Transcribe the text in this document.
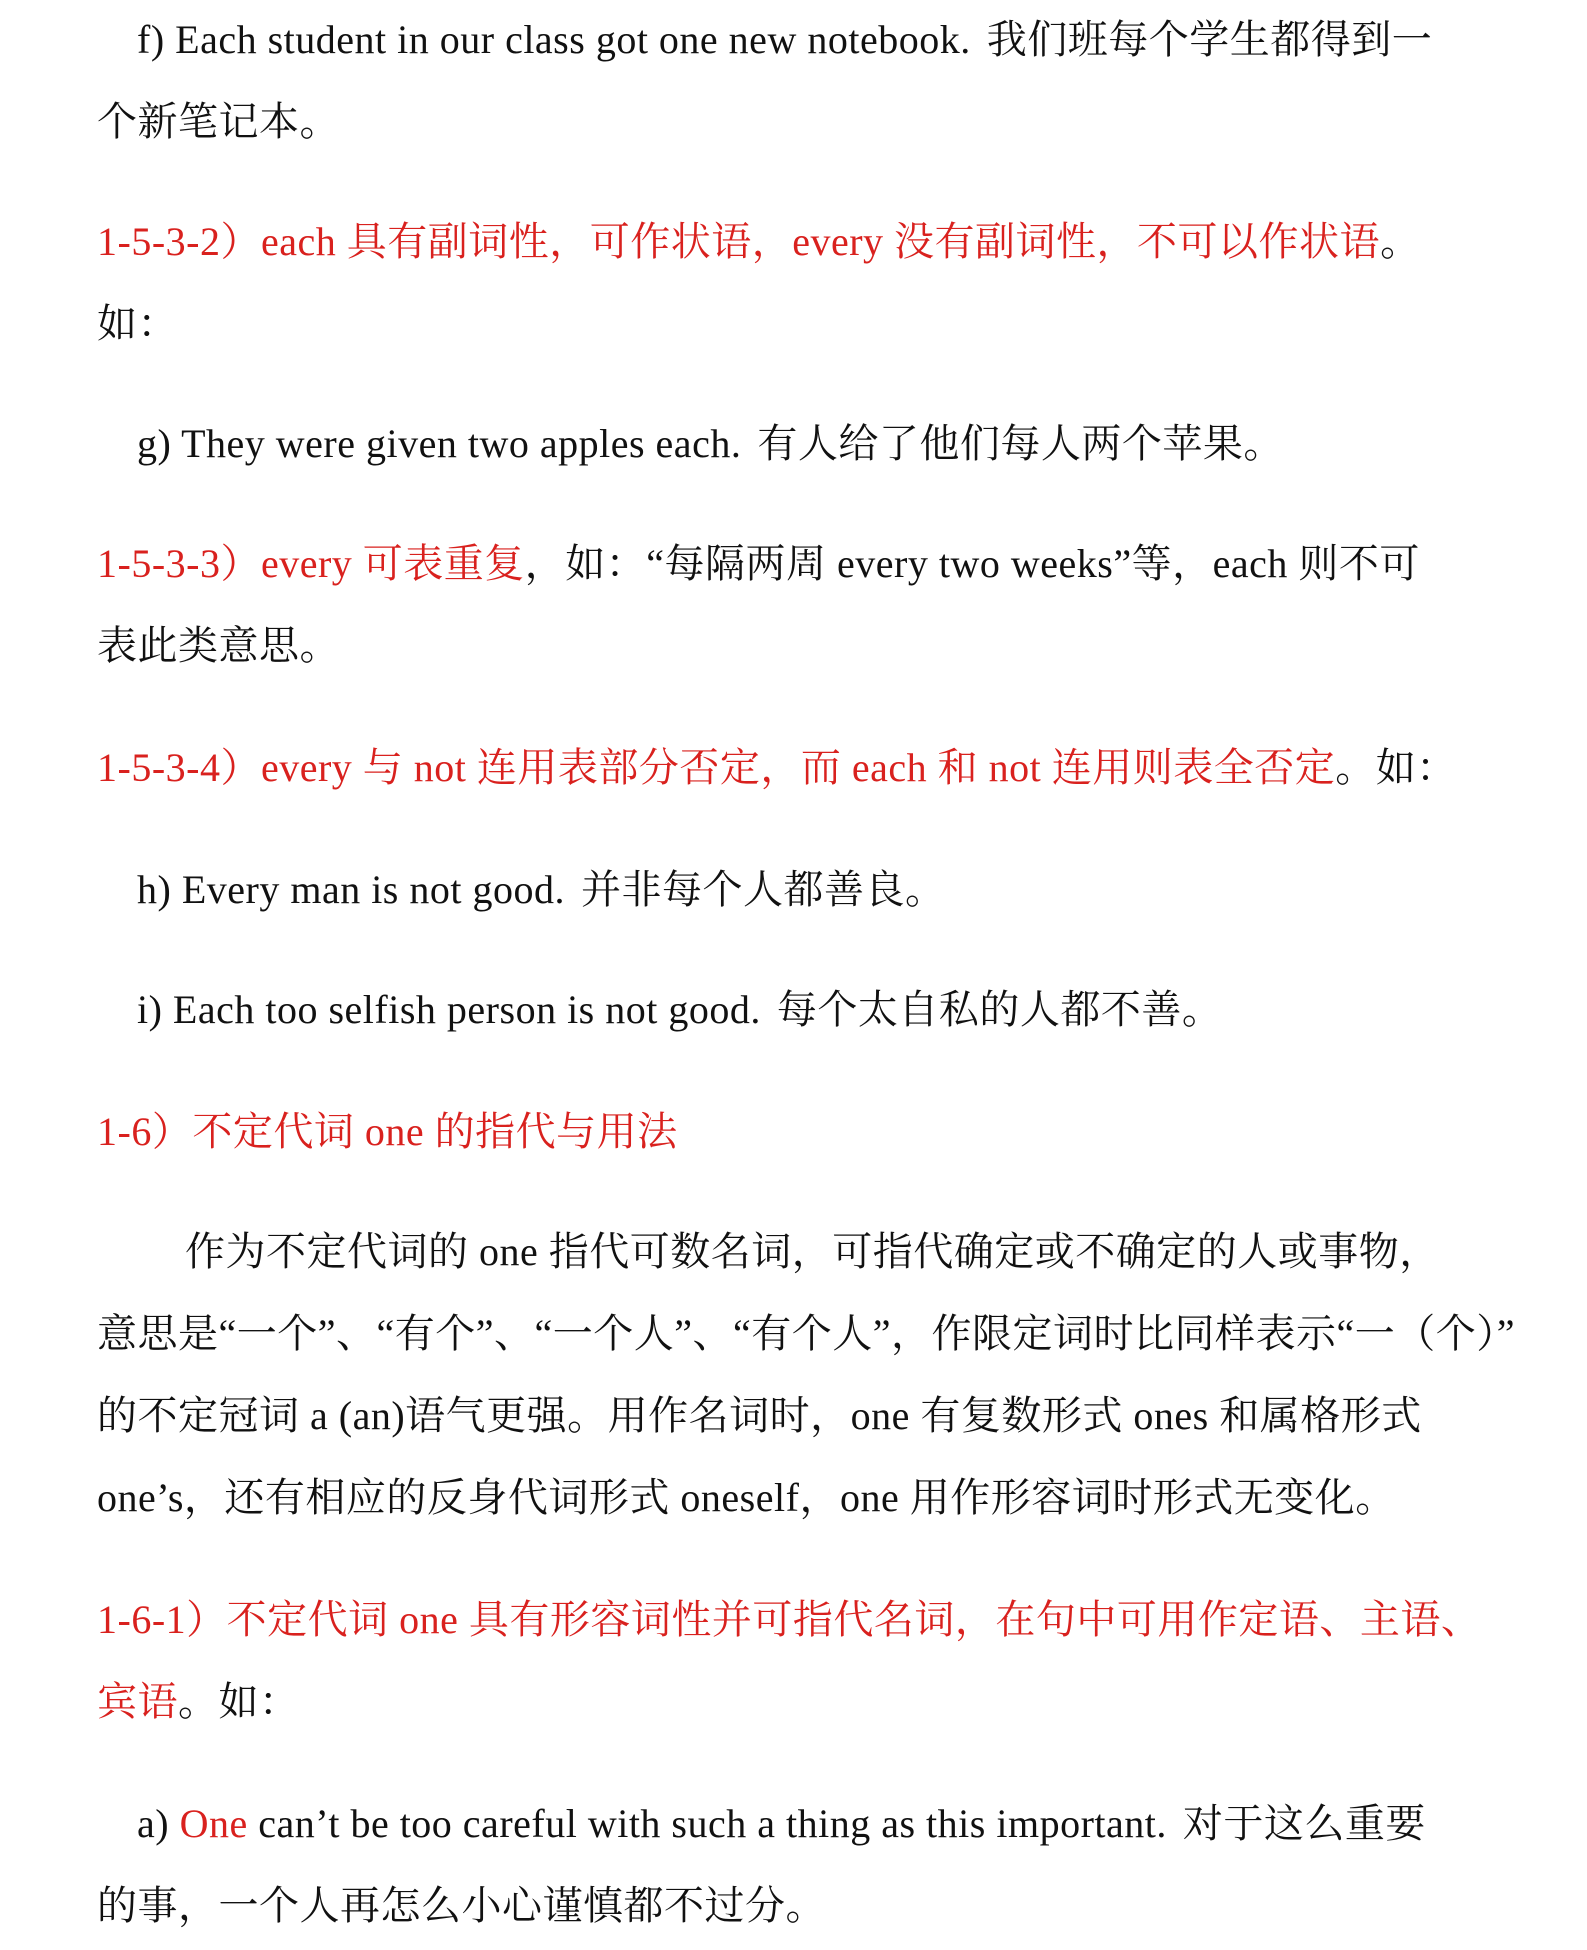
f) Each student in our class got one new notebook. 我们班每个学生都得到一
个新笔记本。
1-5-3-2）each 具有副词性，可作状语，every 没有副词性，不可以作状语。
如：
g) They were given two apples each. 有人给了他们每人两个苹果。
1-5-3-3）every 可表重复，如：“每隔两周 every two weeks”等，each 则不可
表此类意思。
1-5-3-4）every 与 not 连用表部分否定，而 each 和 not 连用则表全否定。如：
h) Every man is not good. 并非每个人都善良。
i) Each too selfish person is not good. 每个太自私的人都不善。
1-6）不定代词 one 的指代与用法
作为不定代词的 one 指代可数名词，可指代确定或不确定的人或事物，
意思是“一个”、“有个”、“一个人”、“有个人”，作限定词时比同样表示“一（个）”
的不定冠词 a (an)语气更强。用作名词时，one 有复数形式 ones 和属格形式
one’s，还有相应的反身代词形式 oneself，one 用作形容词时形式无变化。
1-6-1）不定代词 one 具有形容词性并可指代名词，在句中可用作定语、主语、
宾语。如：
a) One can’t be too careful with such a thing as this important. 对于这么重要
的事，一个人再怎么小心谨慎都不过分。
